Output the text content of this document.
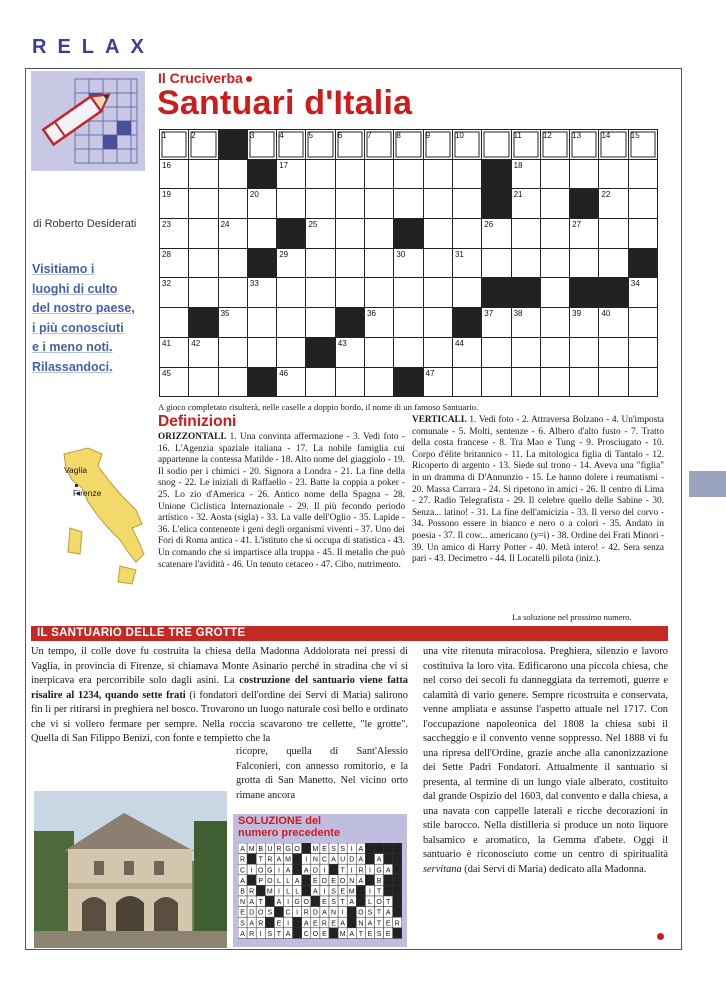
RELAX
Il Cruciverba
Santuari d'Italia
di Roberto Desiderati
Visitiamo i
luoghi di culto
del nostro paese,
i più conosciuti
e i meno noti.
Rilassandoci.
1	2		3	4	5	6	7	8	9	10		11	12	13	14	15

16				17								18				

19			20									21			22	

23		24			25						26			27		

28				29				30		31						

32			33													34

		35					36				37	38		39	40	

41	42					43				44						

45				46					47							

A gioco completato risulterà, nelle caselle a doppio bordo, il nome di un famoso Santuario.
Definizioni
Vaglia
Firenze
ORIZZONTALI. 1. Una convinta affermazione - 3. Vedi foto - 16. L'Agenzia spaziale italiana - 17. La nobile famiglia cui appartenne la contessa Matilde - 18. Alto nome del giaggiolo - 19. Il sodio per i chimici - 20. Signora a Londra - 21. La fine della snog - 22. Le iniziali di Raffaello - 23. Batte la coppia a poker - 25. Lo zio d'America - 26. Antico nome della Spagna - 28. Unione Ciclistica Internazionale - 29. Il più fecondo periodo artistico - 32. Aosta (sigla) - 33. La valle dell'Oglio - 35. Lapide - 36. L'elica contenente i geni degli organismi viventi - 37. Uno dei Fori di Roma antica - 41. L'istituto che si occupa di statistica - 43. Un comando che si impartisce alla truppa - 45. Il metallo che può scatenare l'avidità - 46. Un tenuto cetaceo - 47. Cibo, nutrimento.
VERTICALI. 1. Vedi foto - 2. Attraversa Bolzano - 4. Un'imposta comunale - 5. Molti, sentenze - 6. Albero d'alto fusto - 7. Tratto della costa francese - 8. Tra Mao e Tung - 9. Prosciugato - 10. Corpo d'élite britannico - 11. La mitologica figlia di Tantalo - 12. Ricoperto di argento - 13. Siede sul trono - 14. Aveva una "figlia" in un dramma di D'Annunzio - 15. Le hanno dolere i reumatismi - 20. Massa Carrara - 24. Si ripetono in amici - 26. Il centro di Lima - 27. Radio Telegrafista - 29. Il celebre quello delle Sabine - 30. Senza... latino! - 31. La fine dell'amicizia - 33. Il verso del corvo - 34. Possono essere in bianco e nero o a colori - 35. Andato in poesia - 37. Il cow... americano (y=i) - 38. Ordine dei Frati Minori - 39. Un amico di Harry Potter - 40. Metà intero! - 42. Sera senza pari - 43. Decimetro - 44. Il Locatelli pilota (iniz.).
La soluzione nel prossimo numero.
IL SANTUARIO DELLE TRE GROTTE
Un tempo, il colle dove fu costruita la chiesa della Madonna Addolorata nei pressi di Vaglia, in provincia di Firenze, si chiamava Monte Asinario perché in stradina che vi si inerpicava era percorribile solo dagli asini. La costruzione del santuario viene fatta risalire al 1234, quando sette frati (i fondatori dell'ordine dei Servi di Maria) salirono fin lì per ritirarsi in preghiera nel bosco. Trovarono un luogo naturale così bello e ordinato che vi si vollero fermare per sempre. Nella roccia scavarono tre cellette, "le grotte". Quella di San Filippo Benizi, con fonte e tempietto che la
ricopre, quella di Sant'Alessio Falconieri, con annesso romitorio, e la grotta di San Manetto. Nel vicino orto rimane ancora
una vite ritenuta miracolosa. Preghiera, silenzio e lavoro costituiva la loro vita. Edificarono una piccola chiesa, che nel corso dei secoli fu danneggiata da terremoti, guerre e calamità di vario genere. Sempre ricostruita e conservata, venne ampliata e assunse l'aspetto attuale nel 1717. Con l'occupazione napoleonica del 1808 la chiesa subì il saccheggio e il convento venne soppresso. Nel 1888 vi fu una ripresa dell'Ordine, grazie anche alla canonizzazione dei Sette Padri Fondatori. Attualmente il santuario si presenta, al termine di un lungo viale alberato, costituito dal grande Ospizio del 1603, dal convento e dalla chiesa, a una navata con cappelle laterali e ricche decorazioni in stile barocco. Nella distilleria si produce un noto liquore balsamico e aromatico, la Gemma d'abete. Oggi il santuario è riconosciuto come un centro di spiritualità servitana (dai Servi di Maria) dedicato alla Madonna.
SOLUZIONE del
numero precedente
A M B U R G O M E S S I A
R T R A M I N C A U D A A
C I O G I A A D I T I R I G A
A P O L L A E D E O N A B
B R M I L L A I S E M I T
N A T A I G O E S T A L O T
E D O S C I R D A N I O S T A
S A R E I A E R E A N A T E R
A R I S T A C O E M A T E S E
